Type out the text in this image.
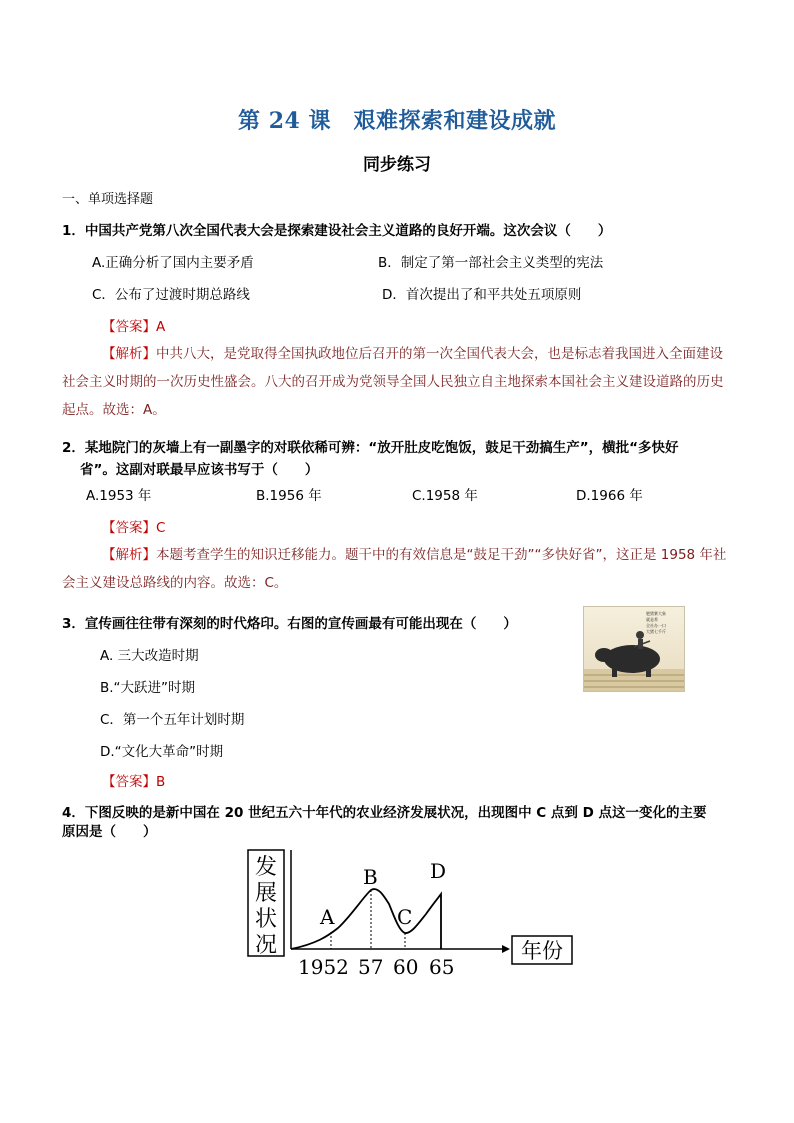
第 24 课　艰难探索和建设成就
同步练习
一、单项选择题
1．中国共产党第八次全国代表大会是探索建设社会主义道路的良好开端。这次会议（　　）
A.正确分析了国内主要矛盾	B．制定了第一部社会主义类型的宪法
C．公布了过渡时期总路线	D．首次提出了和平共处五项原则
【答案】A
【解析】中共八大，是党取得全国执政地位后召开的第一次全国代表大会，也是标志着我国进入全面建设社会主义时期的一次历史性盛会。八大的召开成为党领导全国人民独立自主地探索本国社会主义建设道路的历史起点。故选：A。
2．某地院门的灰墙上有一副墨字的对联依稀可辨：“放开肚皮吃饱饭，鼓足干劲搞生产”，横批“多快好
省”。这副对联最早应该书写于（　　）
A.1953 年	B.1956 年	C.1958 年	D.1966 年
【答案】C
【解析】本题考查学生的知识迁移能力。题干中的有效信息是“鼓足干劲”“多快好省”，这正是 1958 年社会主义建设总路线的内容。故选：C。
3．宣传画往往带有深刻的时代烙印。右图的宣传画最有可能出现在（　　）
A. 三大改造时期
B.“大跃进”时期
C．第一个五年计划时期
D.“文化大革命”时期
【答案】B
肥猪赛大象
就是养
全社办一口
大猪七千斤
4．下图反映的是新中国在 20 世纪五六十年代的农业经济发展状况，出现图中 C 点到 D 点这一变化的主要
原因是（　　）
发
展
状
况
A
B
C
D
1952 57 60 65
年份
